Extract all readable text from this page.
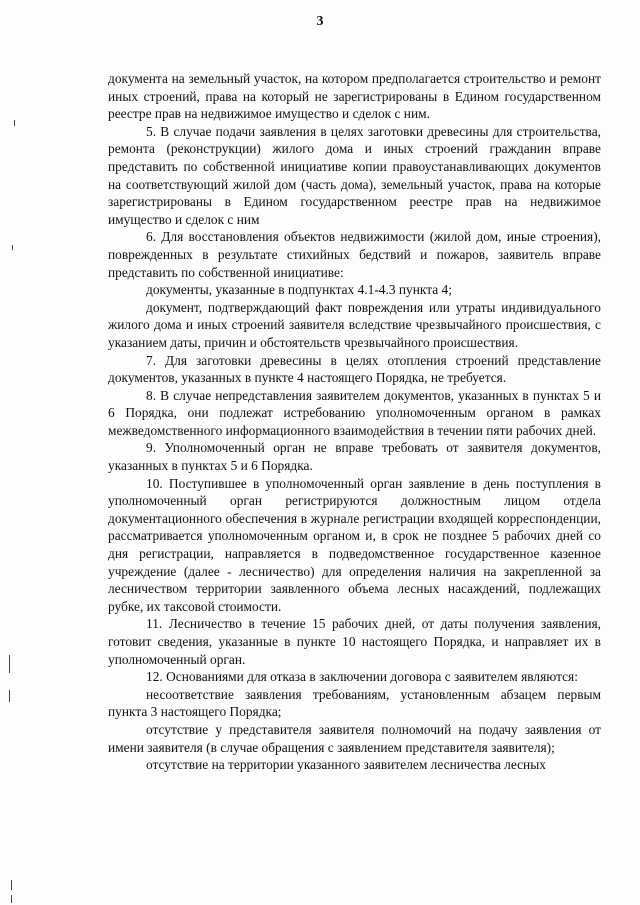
3

документа на земельный участок, на котором предполагается строительство и ремонт иных строений, права на который не зарегистрированы в Едином государственном реестре прав на недвижимое имущество и сделок с ним.

5. В случае подачи заявления в целях заготовки древесины для строительства, ремонта (реконструкции) жилого дома и иных строений гражданин вправе представить по собственной инициативе копии правоустанавливающих документов на соответствующий жилой дом (часть дома), земельный участок, права на которые зарегистрированы в Едином государственном реестре прав на недвижимое имущество и сделок с ним

6. Для восстановления объектов недвижимости (жилой дом, иные строения), поврежденных в результате стихийных бедствий и пожаров, заявитель вправе представить по собственной инициативе:

документы, указанные в подпунктах 4.1-4.3 пункта 4;

документ, подтверждающий факт повреждения или утраты индивидуального жилого дома и иных строений заявителя вследствие чрезвычайного происшествия, с указанием даты, причин и обстоятельств чрезвычайного происшествия.

7. Для заготовки древесины в целях отопления строений представление документов, указанных в пункте 4 настоящего Порядка, не требуется.

8. В случае непредставления заявителем документов, указанных в пунктах 5 и 6 Порядка, они подлежат истребованию уполномоченным органом в рамках межведомственного информационного взаимодействия в течении пяти рабочих дней.

9. Уполномоченный орган не вправе требовать от заявителя документов, указанных в пунктах 5 и 6 Порядка.

10. Поступившее в уполномоченный орган заявление в день поступления в уполномоченный орган регистрируются должностным лицом отдела документационного обеспечения в журнале регистрации входящей корреспонденции, рассматривается уполномоченным органом и, в срок не позднее 5 рабочих дней со дня регистрации, направляется в подведомственное государственное казенное учреждение (далее - лесничество) для определения наличия на закрепленной за лесничеством территории заявленного объема лесных насаждений, подлежащих рубке, их таксовой стоимости.

11. Лесничество в течение 15 рабочих дней, от даты получения заявления, готовит сведения, указанные в пункте 10 настоящего Порядка, и направляет их в уполномоченный орган.

12. Основаниями для отказа в заключении договора с заявителем являются:

несоответствие заявления требованиям, установленным абзацем первым пункта 3 настоящего Порядка;

отсутствие у представителя заявителя полномочий на подачу заявления от имени заявителя (в случае обращения с заявлением представителя заявителя);

отсутствие на территории указанного заявителем лесничества лесных
